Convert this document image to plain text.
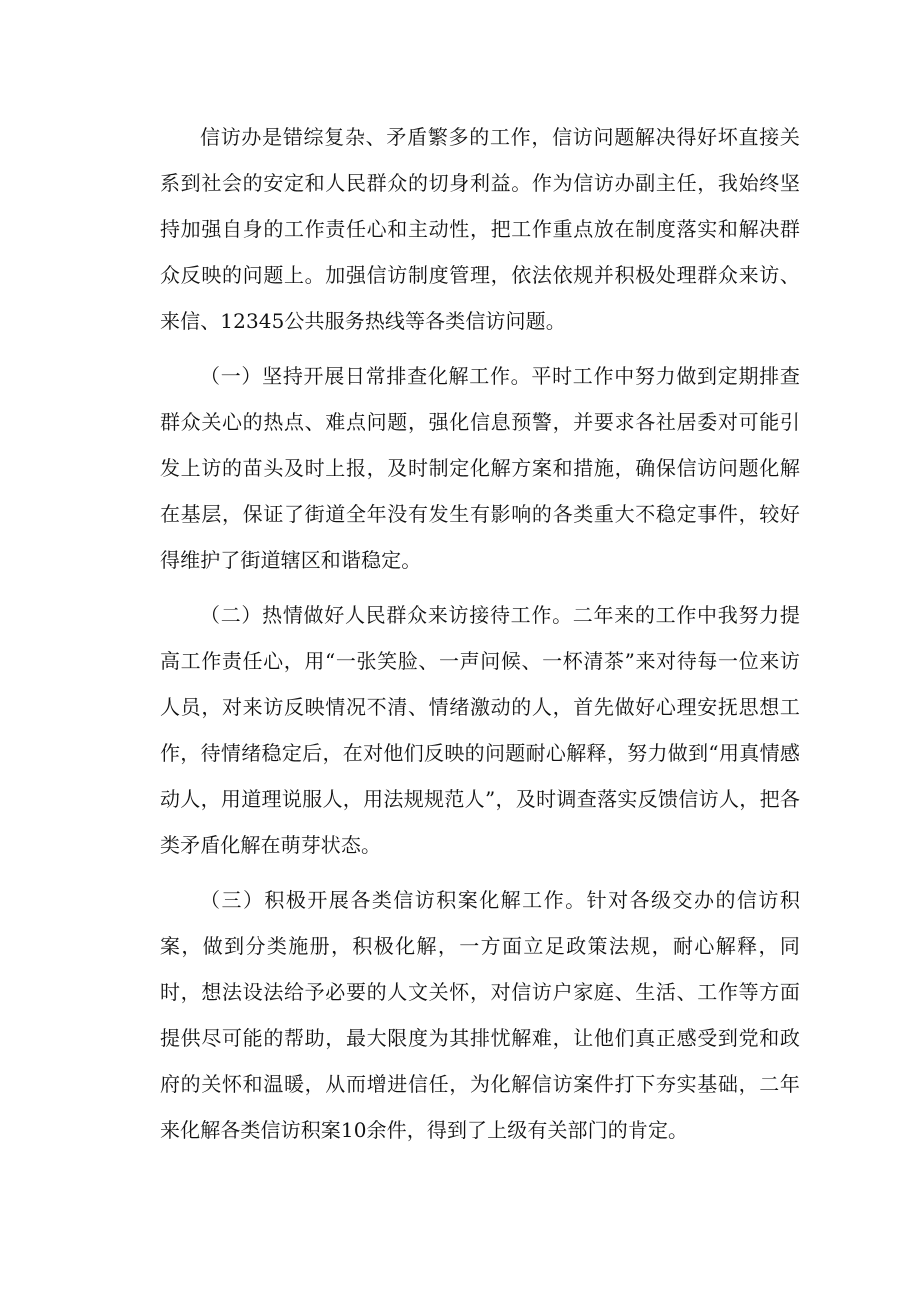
信访办是错综复杂、矛盾繁多的工作，信访问题解决得好坏直接关系到社会的安定和人民群众的切身利益。作为信访办副主任，我始终坚持加强自身的工作责任心和主动性，把工作重点放在制度落实和解决群众反映的问题上。加强信访制度管理，依法依规并积极处理群众来访、来信、12345公共服务热线等各类信访问题。

（一）坚持开展日常排查化解工作。平时工作中努力做到定期排查群众关心的热点、难点问题，强化信息预警，并要求各社居委对可能引发上访的苗头及时上报，及时制定化解方案和措施，确保信访问题化解在基层，保证了街道全年没有发生有影响的各类重大不稳定事件，较好得维护了街道辖区和谐稳定。

（二）热情做好人民群众来访接待工作。二年来的工作中我努力提高工作责任心，用“一张笑脸、一声问候、一杯清茶”来对待每一位来访人员，对来访反映情况不清、情绪激动的人，首先做好心理安抚思想工作，待情绪稳定后，在对他们反映的问题耐心解释，努力做到“用真情感动人，用道理说服人，用法规规范人”，及时调查落实反馈信访人，把各类矛盾化解在萌芽状态。

（三）积极开展各类信访积案化解工作。针对各级交办的信访积案，做到分类施册，积极化解，一方面立足政策法规，耐心解释，同时，想法设法给予必要的人文关怀，对信访户家庭、生活、工作等方面提供尽可能的帮助，最大限度为其排忧解难，让他们真正感受到党和政府的关怀和温暖，从而增进信任，为化解信访案件打下夯实基础，二年来化解各类信访积案10余件，得到了上级有关部门的肯定。
